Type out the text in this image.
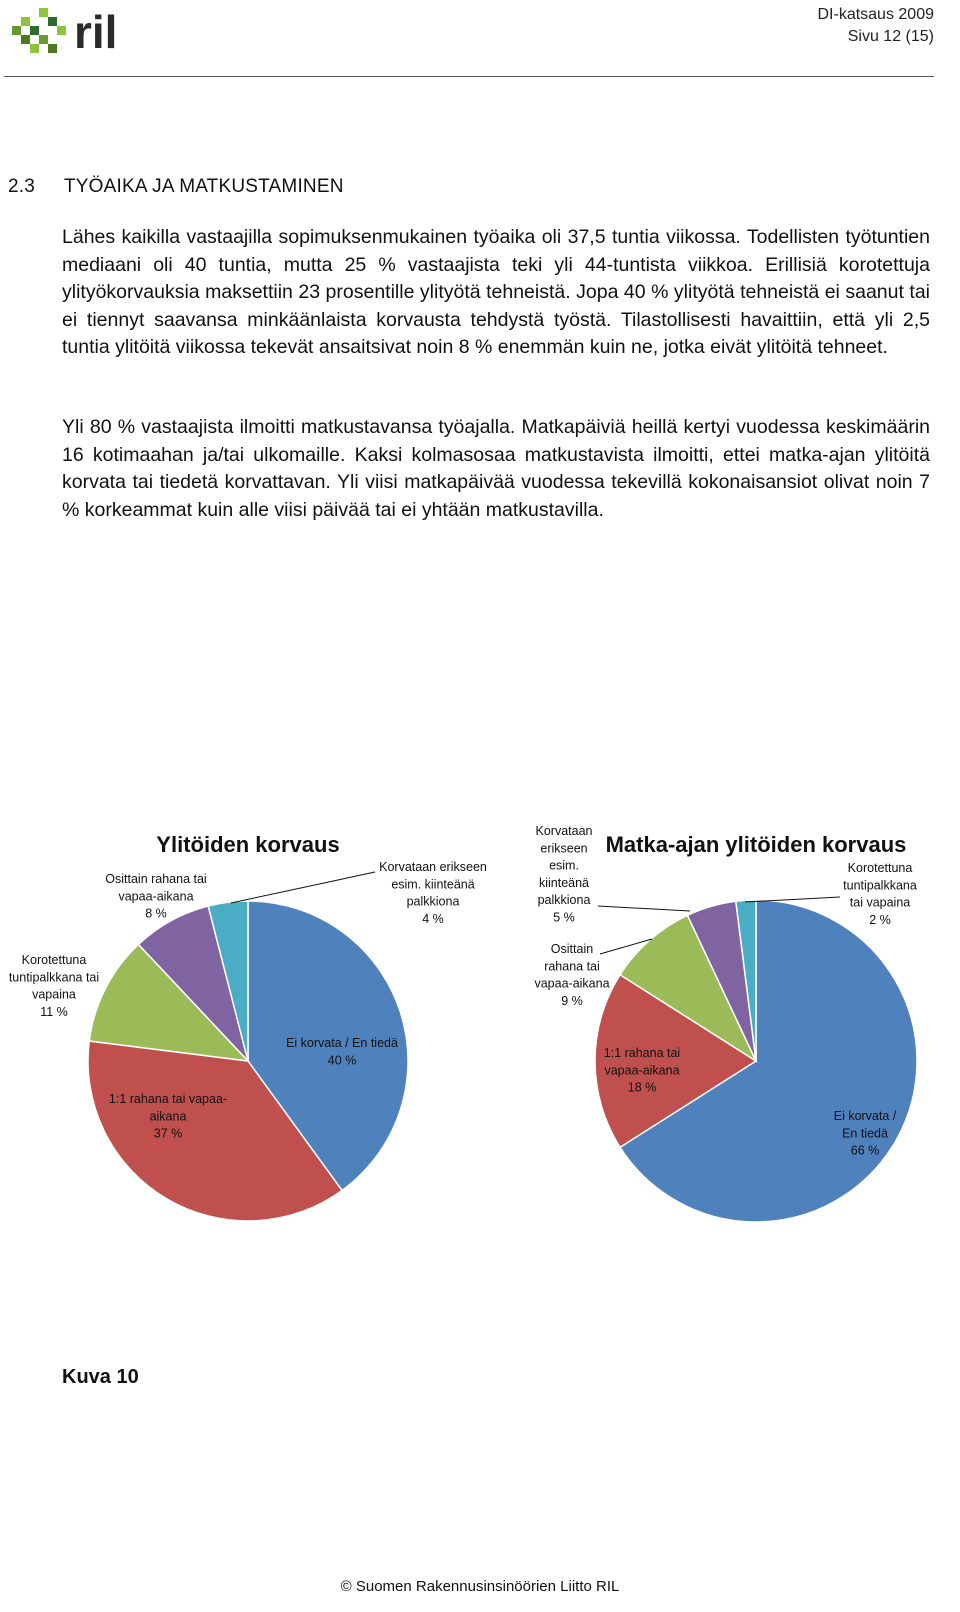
ril	DI-katsaus 2009
Sivu 12 (15)
2.3 TYÖAIKA JA MATKUSTAMINEN

Lähes kaikilla vastaajilla sopimuksenmukainen työaika oli 37,5 tuntia viikossa. Todellisten työtuntien mediaani oli 40 tuntia, mutta 25 % vastaajista teki yli 44-tuntista viikkoa. Erillisiä korotettuja ylityökorvauksia maksettiin 23 prosentille ylityötä tehneistä. Jopa 40 % ylityötä tehneistä ei saanut tai ei tiennyt saavansa minkäänlaista korvausta tehdystä työstä. Tilastollisesti havaittiin, että yli 2,5 tuntia ylitöitä viikossa tekevät ansaitsivat noin 8 % enemmän kuin ne, jotka eivät ylitöitä tehneet.

Yli 80 % vastaajista ilmoitti matkustavansa työajalla. Matkapäiviä heillä kertyi vuodessa keskimäärin 16 kotimaahan ja/tai ulkomaille. Kaksi kolmasosaa matkustavista ilmoitti, ettei matka-ajan ylitöitä korvata tai tiedetä korvattavan. Yli viisi matkapäivää vuodessa tekevillä kokonaisansiot olivat noin 7 % korkeammat kuin alle viisi päivää tai ei yhtään matkustavilla.

Ylitöiden korvaus
Ei korvata / En tiedä 40 %
1:1 rahana tai vapaa-aikana 37 %
Korotettuna tuntipalkkana tai vapaina 11 %
Osittain rahana tai vapaa-aikana 8 %
Korvataan erikseen esim. kiinteänä palkkiona 4 %
Matka-ajan ylitöiden korvaus
Ei korvata / En tiedä 66 %
1:1 rahana tai vapaa-aikana 18 %
Osittain rahana tai vapaa-aikana 9 %
Korvataan erikseen esim. kiinteänä palkkiona 5 %
Korotettuna tuntipalkkana tai vapaina 2 %
Kuva 10
© Suomen Rakennusinsinöörien Liitto RIL
